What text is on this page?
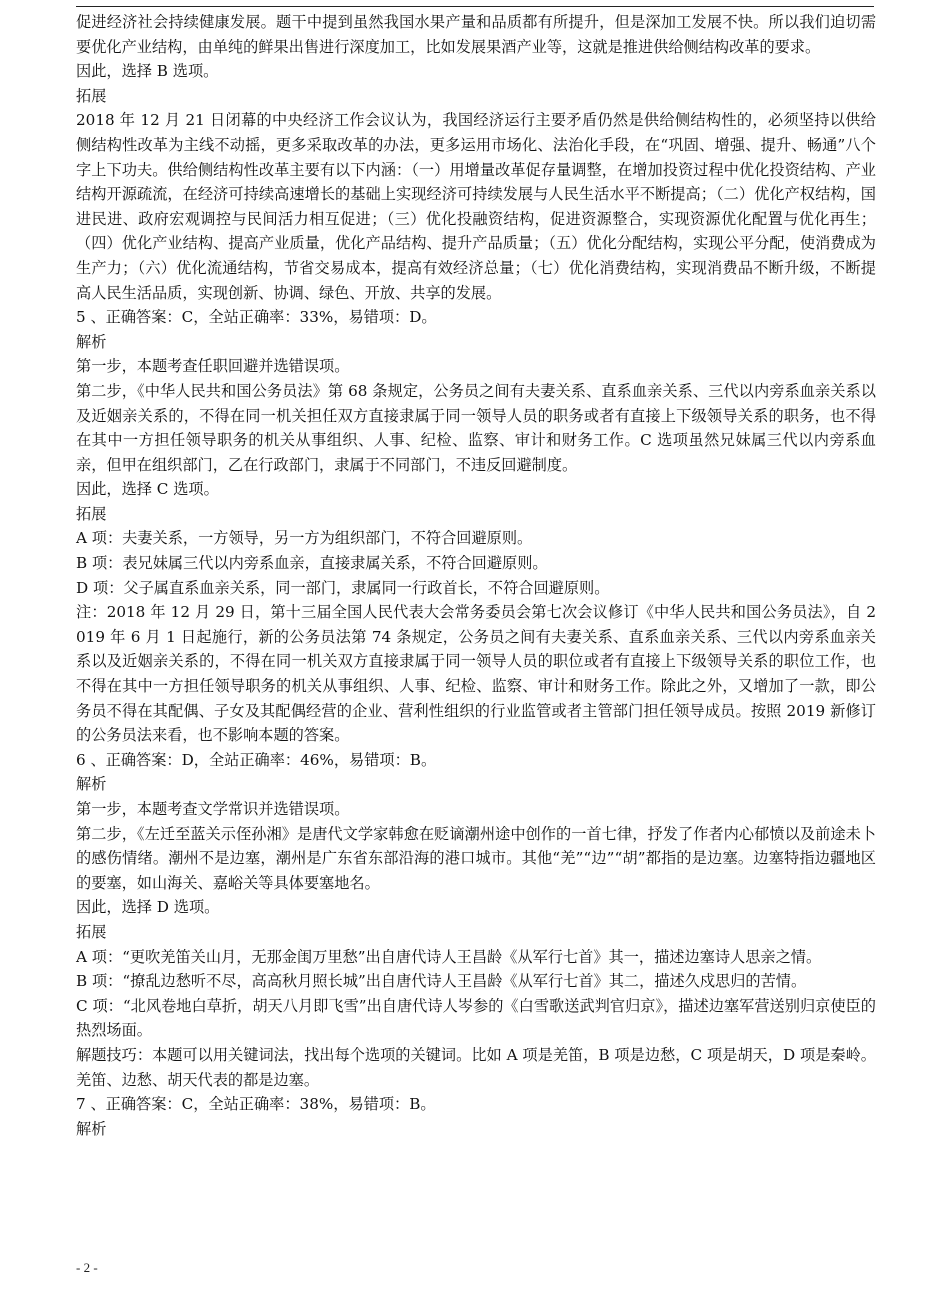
促进经济社会持续健康发展。题干中提到虽然我国水果产量和品质都有所提升，但是深加工发展不快。所以我们迫切需要优化产业结构，由单纯的鲜果出售进行深度加工，比如发展果酒产业等，这就是推进供给侧结构改革的要求。

因此，选择 B 选项。

拓展

2018 年 12 月 21 日闭幕的中央经济工作会议认为，我国经济运行主要矛盾仍然是供给侧结构性的，必须坚持以供给侧结构性改革为主线不动摇，更多采取改革的办法，更多运用市场化、法治化手段，在“巩固、增强、提升、畅通”八个字上下功夫。供给侧结构性改革主要有以下内涵：（一）用增量改革促存量调整，在增加投资过程中优化投资结构、产业结构开源疏流，在经济可持续高速增长的基础上实现经济可持续发展与人民生活水平不断提高；（二）优化产权结构，国进民进、政府宏观调控与民间活力相互促进；（三）优化投融资结构，促进资源整合，实现资源优化配置与优化再生；（四）优化产业结构、提高产业质量，优化产品结构、提升产品质量；（五）优化分配结构，实现公平分配，使消费成为生产力；（六）优化流通结构，节省交易成本，提高有效经济总量；（七）优化消费结构，实现消费品不断升级，不断提高人民生活品质，实现创新、协调、绿色、开放、共享的发展。

5 、正确答案：C，全站正确率：33%，易错项：D。

解析

第一步，本题考查任职回避并选错误项。

第二步，《中华人民共和国公务员法》第 68 条规定，公务员之间有夫妻关系、直系血亲关系、三代以内旁系血亲关系以及近姻亲关系的，不得在同一机关担任双方直接隶属于同一领导人员的职务或者有直接上下级领导关系的职务，也不得在其中一方担任领导职务的机关从事组织、人事、纪检、监察、审计和财务工作。C 选项虽然兄妹属三代以内旁系血亲，但甲在组织部门，乙在行政部门，隶属于不同部门，不违反回避制度。

因此，选择 C 选项。

拓展

A 项：夫妻关系，一方领导，另一方为组织部门，不符合回避原则。

B 项：表兄妹属三代以内旁系血亲，直接隶属关系，不符合回避原则。

D 项：父子属直系血亲关系，同一部门，隶属同一行政首长，不符合回避原则。

注：2018 年 12 月 29 日，第十三届全国人民代表大会常务委员会第七次会议修订《中华人民共和国公务员法》，自 2019 年 6 月 1 日起施行，新的公务员法第 74 条规定，公务员之间有夫妻关系、直系血亲关系、三代以内旁系血亲关系以及近姻亲关系的，不得在同一机关双方直接隶属于同一领导人员的职位或者有直接上下级领导关系的职位工作，也不得在其中一方担任领导职务的机关从事组织、人事、纪检、监察、审计和财务工作。除此之外，又增加了一款，即公务员不得在其配偶、子女及其配偶经营的企业、营利性组织的行业监管或者主管部门担任领导成员。按照 2019 新修订的公务员法来看，也不影响本题的答案。

6 、正确答案：D，全站正确率：46%，易错项：B。

解析

第一步，本题考查文学常识并选错误项。

第二步，《左迁至蓝关示侄孙湘》是唐代文学家韩愈在贬谪潮州途中创作的一首七律，抒发了作者内心郁愤以及前途未卜的感伤情绪。潮州不是边塞，潮州是广东省东部沿海的港口城市。其他“羌”“边”“胡”都指的是边塞。边塞特指边疆地区的要塞，如山海关、嘉峪关等具体要塞地名。

因此，选择 D 选项。

拓展

A 项：“更吹羌笛关山月，无那金闺万里愁”出自唐代诗人王昌龄《从军行七首》其一，描述边塞诗人思亲之情。

B 项：“撩乱边愁听不尽，高高秋月照长城”出自唐代诗人王昌龄《从军行七首》其二，描述久戍思归的苦情。

C 项：“北风卷地白草折，胡天八月即飞雪”出自唐代诗人岑参的《白雪歌送武判官归京》，描述边塞军营送别归京使臣的热烈场面。

解题技巧：本题可以用关键词法，找出每个选项的关键词。比如 A 项是羌笛，B 项是边愁，C 项是胡天，D 项是秦岭。羌笛、边愁、胡天代表的都是边塞。

7 、正确答案：C，全站正确率：38%，易错项：B。

解析

- 2 -
